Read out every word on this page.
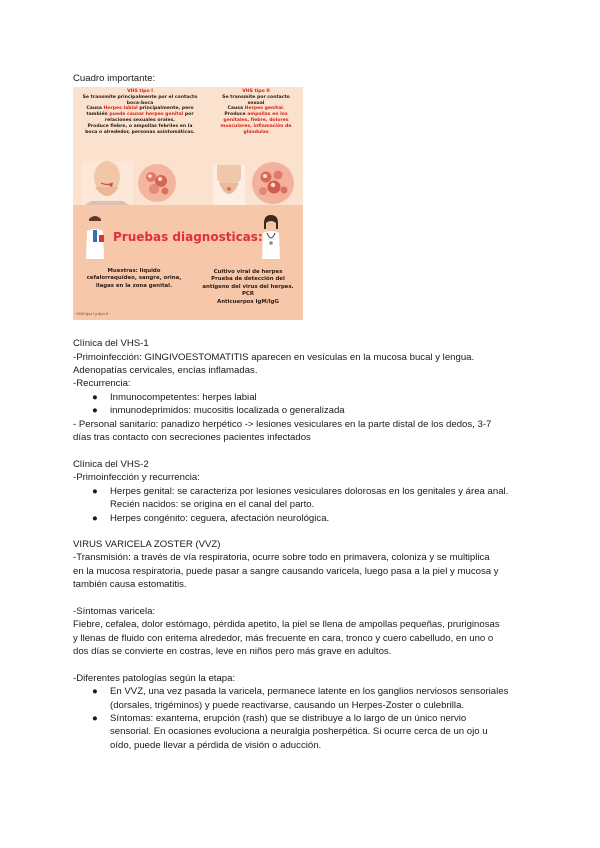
Cuadro importante:
VHS tipo I
Se transmite principalmente por el contacto
boca-boca
Causa Herpes labial principalmente, pero
también puede causar herpes genital por
relaciones sexuales orales.
Produce fiebre, o ampollas febriles en la
boca o alrededor, personas asintomáticas.
VHS tipo II
Se transmite por contacto
sexual
Causa Herpes genital.
Produce ampollas en los
genitales, fiebre, dolores
musculares, inflamación de
glándulas
Pruebas diagnosticas:
Muestras: liquido
cefalorraquídeo, sangre, orina,
llagas en la zona genital.
Cultivo viral de herpes
Prueba de detección del
antígeno del virus del herpes.
PCR
Anticuerpos IgM/IgG
VHS tipo I y tipo II
Clínica del VHS-1
-Primoinfección: GINGIVOESTOMATITIS aparecen en vesículas en la mucosa bucal y lengua.
Adenopatías cervicales, encías inflamadas.
-Recurrencia:
● Inmunocompetentes: herpes labial
● inmunodeprimidos: mucositis localizada o generalizada
- Personal sanitario: panadizo herpético -> lesiones vesiculares en la parte distal de los dedos, 3-7
días tras contacto con secreciones pacientes infectados
Clínica del VHS-2
-Primoinfección y recurrencia:
● Herpes genital: se caracteriza por lesiones vesiculares dolorosas en los genitales y área anal.
Recién nacidos: se origina en el canal del parto.
● Herpes congénito: ceguera, afectación neurológica.
VIRUS VARICELA ZOSTER (VVZ)
-Transmisión: a través de vía respiratoria, ocurre sobre todo en primavera, coloniza y se multiplica
en la mucosa respiratoria, puede pasar a sangre causando varicela, luego pasa a la piel y mucosa y
también causa estomatitis.
-Síntomas varicela:
Fiebre, cefalea, dolor estómago, pérdida apetito, la piel se llena de ampollas pequeñas, pruriginosas
y llenas de fluido con eritema alrededor, más frecuente en cara, tronco y cuero cabelludo, en uno o
dos días se convierte en costras, leve en niños pero más grave en adultos.
-Diferentes patologías según la etapa:
● En VVZ, una vez pasada la varicela, permanece latente en los ganglios nerviosos sensoriales
(dorsales, trigéminos) y puede reactivarse, causando un Herpes-Zoster o culebrilla.
● Síntomas: exantema, erupción (rash) que se distribuye a lo largo de un único nervio
sensorial. En ocasiones evoluciona a neuralgia posherpética. Si ocurre cerca de un ojo u
oído, puede llevar a pérdida de visión o aducción.
